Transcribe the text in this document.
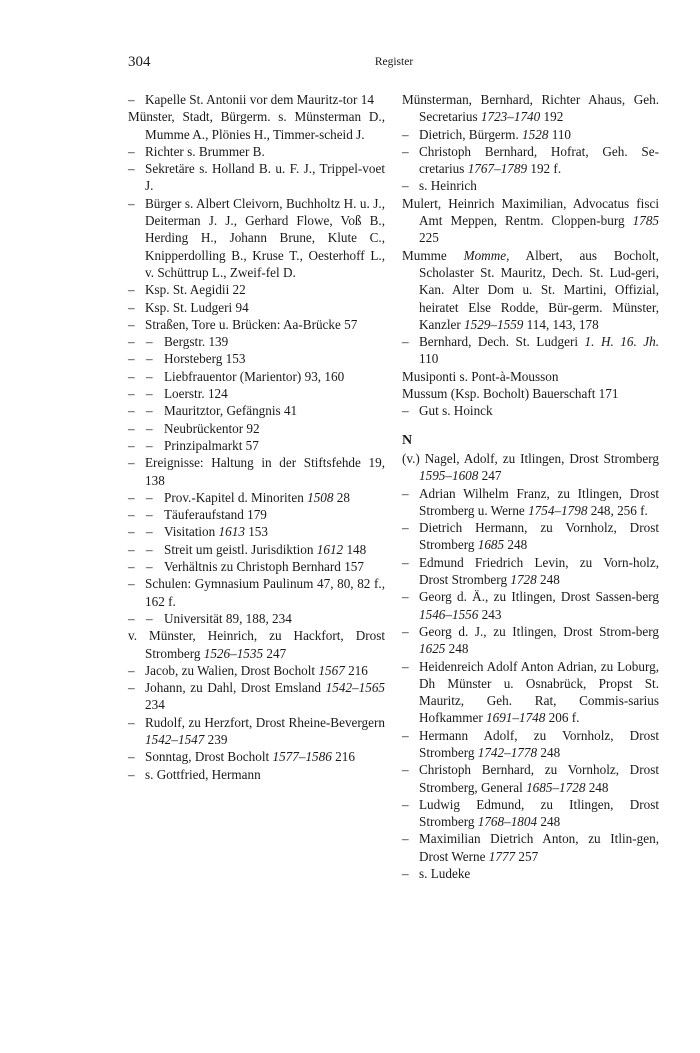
304	Register
– Kapelle St. Antonii vor dem Mauritz-tor 14
Münster, Stadt, Bürgerm. s. Münsterman D., Mumme A., Plönies H., Timmer-scheid J.
– Richter s. Brummer B.
– Sekretäre s. Holland B. u. F. J., Trippel-voet J.
– Bürger s. Albert Cleivorn, Buchholtz H. u. J., Deiterman J. J., Gerhard Flowe, Voß B., Herding H., Johann Brune, Klute C., Knipperdolling B., Kruse T., Oesterhoff L., v. Schüttrup L., Zweif-fel D.
– Ksp. St. Aegidii 22
– Ksp. St. Ludgeri 94
– Straßen, Tore u. Brücken: Aa-Brücke 57
– – Bergstr. 139
– – Horsteberg 153
– – Liebfrauentor (Marientor) 93, 160
– – Loerstr. 124
– – Mauritztor, Gefängnis 41
– – Neubrückentor 92
– – Prinzipalmarkt 57
– Ereignisse: Haltung in der Stiftsfehde 19, 138
– – Prov.-Kapitel d. Minoriten 1508 28
– – Täuferaufstand 179
– – Visitation 1613 153
– – Streit um geistl. Jurisdiktion 1612 148
– – Verhältnis zu Christoph Bernhard 157
– Schulen: Gymnasium Paulinum 47, 80, 82 f., 162 f.
– – Universität 89, 188, 234
v. Münster, Heinrich, zu Hackfort, Drost Stromberg 1526–1535 247
– Jacob, zu Walien, Drost Bocholt 1567 216
– Johann, zu Dahl, Drost Emsland 1542–1565 234
– Rudolf, zu Herzfort, Drost Rheine-Bevergern 1542–1547 239
– Sonntag, Drost Bocholt 1577–1586 216
– s. Gottfried, Hermann
Münsterman, Bernhard, Richter Ahaus, Geh. Secretarius 1723–1740 192
– Dietrich, Bürgerm. 1528 110
– Christoph Bernhard, Hofrat, Geh. Se-cretarius 1767–1789 192 f.
– s. Heinrich
Mulert, Heinrich Maximilian, Advocatus fisci Amt Meppen, Rentm. Cloppen-burg 1785 225
Mumme Momme, Albert, aus Bocholt, Scholaster St. Mauritz, Dech. St. Lud-geri, Kan. Alter Dom u. St. Martini, Offizial, heiratet Else Rodde, Bür-germ. Münster, Kanzler 1529–1559 114, 143, 178
– Bernhard, Dech. St. Ludgeri 1. H. 16. Jh. 110
Musiponti s. Pont-à-Mousson
Mussum (Ksp. Bocholt) Bauerschaft 171
– Gut s. Hoinck
N
(v.) Nagel, Adolf, zu Itlingen, Drost Stromberg 1595–1608 247
– Adrian Wilhelm Franz, zu Itlingen, Drost Stromberg u. Werne 1754–1798 248, 256 f.
– Dietrich Hermann, zu Vornholz, Drost Stromberg 1685 248
– Edmund Friedrich Levin, zu Vorn-holz, Drost Stromberg 1728 248
– Georg d. Ä., zu Itlingen, Drost Sassen-berg 1546–1556 243
– Georg d. J., zu Itlingen, Drost Strom-berg 1625 248
– Heidenreich Adolf Anton Adrian, zu Loburg, Dh Münster u. Osnabrück, Propst St. Mauritz, Geh. Rat, Commis-sarius Hofkammer 1691–1748 206 f.
– Hermann Adolf, zu Vornholz, Drost Stromberg 1742–1778 248
– Christoph Bernhard, zu Vornholz, Drost Stromberg, General 1685–1728 248
– Ludwig Edmund, zu Itlingen, Drost Stromberg 1768–1804 248
– Maximilian Dietrich Anton, zu Itlin-gen, Drost Werne 1777 257
– s. Ludeke
